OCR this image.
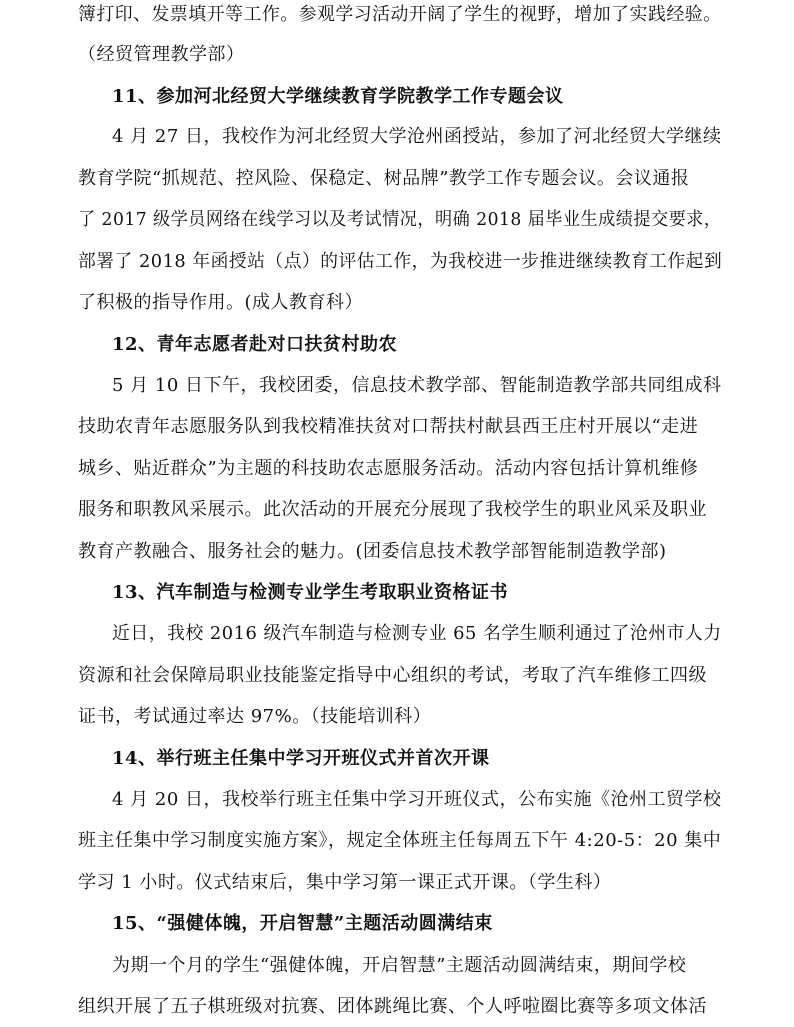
簿打印、发票填开等工作。参观学习活动开阔了学生的视野，增加了实践经验。
（经贸管理教学部）
11、参加河北经贸大学继续教育学院教学工作专题会议
4 月 27 日，我校作为河北经贸大学沧州函授站，参加了河北经贸大学继续
教育学院“抓规范、控风险、保稳定、树品牌”教学工作专题会议。会议通报
了 2017 级学员网络在线学习以及考试情况，明确 2018 届毕业生成绩提交要求，
部署了 2018 年函授站（点）的评估工作，为我校进一步推进继续教育工作起到
了积极的指导作用。(成人教育科）
12、青年志愿者赴对口扶贫村助农
5 月 10 日下午，我校团委，信息技术教学部、智能制造教学部共同组成科
技助农青年志愿服务队到我校精准扶贫对口帮扶村献县西王庄村开展以“走进
城乡、贴近群众”为主题的科技助农志愿服务活动。活动内容包括计算机维修
服务和职教风采展示。此次活动的开展充分展现了我校学生的职业风采及职业
教育产教融合、服务社会的魅力。(团委信息技术教学部智能制造教学部)
13、汽车制造与检测专业学生考取职业资格证书
近日，我校 2016 级汽车制造与检测专业 65 名学生顺利通过了沧州市人力
资源和社会保障局职业技能鉴定指导中心组织的考试，考取了汽车维修工四级
证书，考试通过率达 97%。（技能培训科）
14、举行班主任集中学习开班仪式并首次开课
4 月 20 日，我校举行班主任集中学习开班仪式，公布实施《沧州工贸学校
班主任集中学习制度实施方案》，规定全体班主任每周五下午 4:20-5：20 集中
学习 1 小时。仪式结束后，集中学习第一课正式开课。（学生科）
15、“强健体魄，开启智慧”主题活动圆满结束
为期一个月的学生“强健体魄，开启智慧”主题活动圆满结束，期间学校
组织开展了五子棋班级对抗赛、团体跳绳比赛、个人呼啦圈比赛等多项文体活
